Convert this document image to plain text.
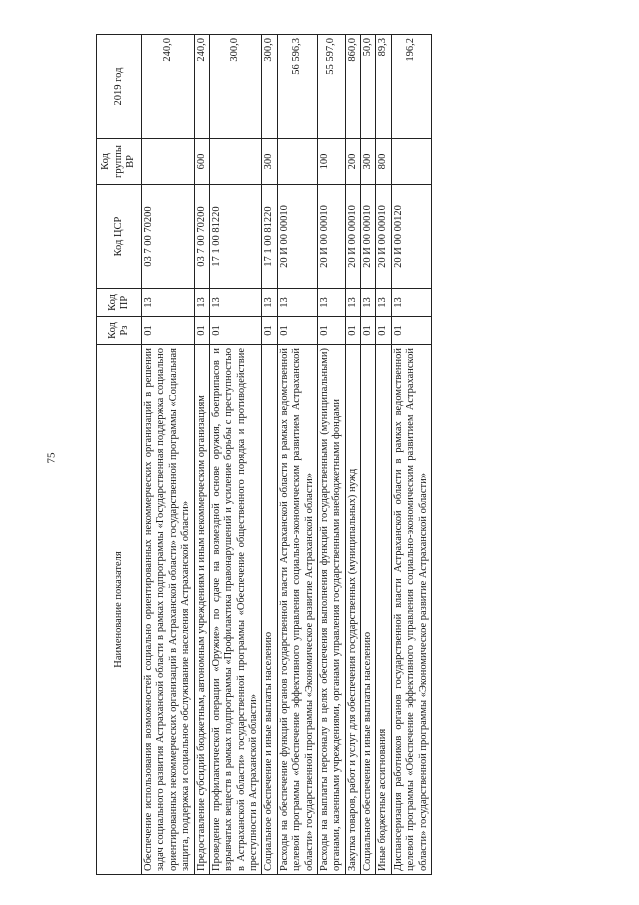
75
Наименование показателя	Код Рз	Код ПР	Код ЦСР	Код группы ВР	2019 год
Обеспечение использования возможностей социально ориентированных некоммерческих организаций в решении задач социального развития Астраханской области в рамках подпрограммы «Государственная поддержка социально ориентированных некоммерческих организаций в Астраханской области» государственной программы «Социальная защита, поддержка и социальное обслуживание населения Астраханской области»	01	13	03 7 00 70200		240,0
Предоставление субсидий бюджетным, автономным учреждениям и иным некоммерческим организациям	01	13	03 7 00 70200	600	240,0
Проведение профилактической операции «Оружие» по сдаче на возмездной основе оружия, боеприпасов и взрывчатых веществ в рамках подпрограммы «Профилактика правонарушений и усиление борьбы с преступностью в Астраханской области» государственной программы «Обеспечение общественного порядка и противодействие преступности в Астраханской области»	01	13	17 1 00 81220		300,0
Социальное обеспечение и иные выплаты населению	01	13	17 1 00 81220	300	300,0
Расходы на обеспечение функций органов государственной власти Астраханской области в рамках ведомственной целевой программы «Обеспечение эффективного управления социально-экономическим развитием Астраханской области» государственной программы «Экономическое развитие Астраханской области»	01	13	20 И 00 00010		56 596,3
Расходы на выплаты персоналу в целях обеспечения выполнения функций государственными (муниципальными) органами, казенными учреждениями, органами управления государственными внебюджетными фондами	01	13	20 И 00 00010	100	55 597,0
Закупка товаров, работ и услуг для обеспечения государственных (муниципальных) нужд	01	13	20 И 00 00010	200	860,0
Социальное обеспечение и иные выплаты населению	01	13	20 И 00 00010	300	50,0
Иные бюджетные ассигнования	01	13	20 И 00 00010	800	89,3
Диспансеризация работников органов государственной власти Астраханской области в рамках ведомственной целевой программы «Обеспечение эффективного управления социально-экономическим развитием Астраханской области» государственной программы «Экономическое развитие Астраханской области»	01	13	20 И 00 00120		196,2
